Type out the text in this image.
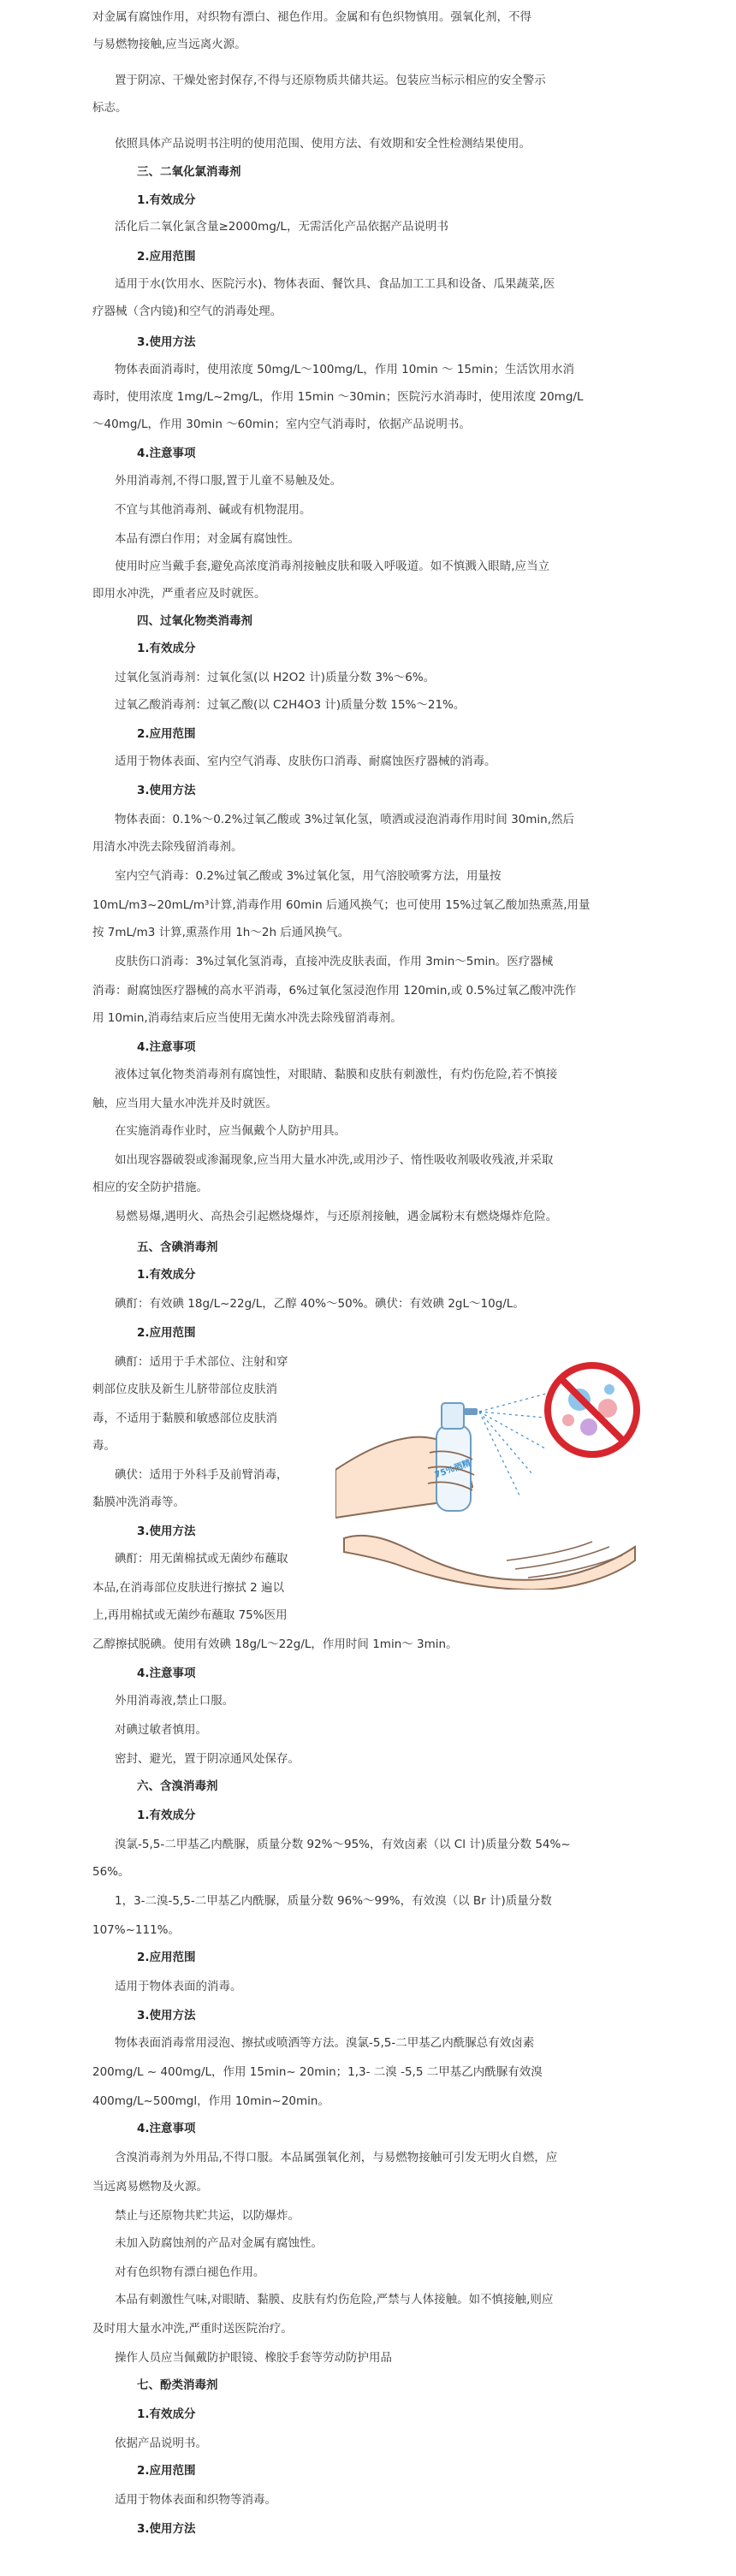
对金属有腐蚀作用，对织物有漂白、褪色作用。金属和有色织物慎用。强氧化剂，不得
与易燃物接触,应当远离火源。
置于阴凉、干燥处密封保存,不得与还原物质共储共运。包装应当标示相应的安全警示
标志。
依照具体产品说明书注明的使用范围、使用方法、有效期和安全性检测结果使用。
三、二氧化氯消毒剂
1.有效成分
活化后二氧化氯含量≥2000mg/L，无需活化产品依据产品说明书
2.应用范围
适用于水(饮用水、医院污水)、物体表面、餐饮具、食品加工工具和设备、瓜果蔬菜,医
疗器械（含内镜)和空气的消毒处理。
3.使用方法
物体表面消毒时，使用浓度 50mg/L～100mg/L，作用 10min ～ 15min；生活饮用水消
毒时，使用浓度 1mg/L~2mg/L，作用 15min ～30min；医院污水消毒时，使用浓度 20mg/L
～40mg/L，作用 30min ～60min；室内空气消毒时，依据产品说明书。
4.注意事项
外用消毒剂,不得口服,置于儿童不易触及处。
不宜与其他消毒剂、碱或有机物混用。
本品有漂白作用；对金属有腐蚀性。
使用时应当戴手套,避免高浓度消毒剂接触皮肤和吸入呼吸道。如不慎溅入眼睛,应当立
即用水冲洗，严重者应及时就医。
四、过氧化物类消毒剂
1.有效成分
过氧化氢消毒剂：过氧化氢(以 H2O2 计)质量分数 3%～6%。
过氧乙酸消毒剂：过氧乙酸(以 C2H4O3 计)质量分数 15%～21%。
2.应用范围
适用于物体表面、室内空气消毒、皮肤伤口消毒、耐腐蚀医疗器械的消毒。
3.使用方法
物体表面：0.1%～0.2%过氧乙酸或 3%过氧化氢，喷洒或浸泡消毒作用时间 30min,然后
用清水冲洗去除残留消毒剂。
室内空气消毒：0.2%过氧乙酸或 3%过氧化氢，用气溶胶喷雾方法，用量按
10mL/m3~20mL/m³计算,消毒作用 60min 后通风换气；也可使用 15%过氧乙酸加热熏蒸,用量
按 7mL/m3 计算,熏蒸作用 1h～2h 后通风换气。
皮肤伤口消毒：3%过氧化氢消毒，直接冲洗皮肤表面，作用 3min～5min。医疗器械
消毒：耐腐蚀医疗器械的高水平消毒，6%过氧化氢浸泡作用 120min,或 0.5%过氧乙酸冲洗作
用 10min,消毒结束后应当使用无菌水冲洗去除残留消毒剂。
4.注意事项
液体过氧化物类消毒剂有腐蚀性，对眼睛、黏膜和皮肤有刺激性，有灼伤危险,若不慎接
触，应当用大量水冲洗并及时就医。
在实施消毒作业时，应当佩戴个人防护用具。
如出现容器破裂或渗漏现象,应当用大量水冲洗,或用沙子、惰性吸收剂吸收残液,并采取
相应的安全防护措施。
易燃易爆,遇明火、高热会引起燃烧爆炸，与还原剂接触，遇金属粉末有燃烧爆炸危险。
五、含碘消毒剂
1.有效成分
碘酊：有效碘 18g/L~22g/L，乙醇 40%～50%。碘伏：有效碘 2gL～10g/L。
2.应用范围
碘酊：适用于手术部位、注射和穿
刺部位皮肤及新生儿脐带部位皮肤消
毒，不适用于黏膜和敏感部位皮肤消
毒。
碘伏：适用于外科手及前臂消毒，
黏膜冲洗消毒等。
3.使用方法
碘酊：用无菌棉拭或无菌纱布蘸取
本品,在消毒部位皮肤进行擦拭 2 遍以
上,再用棉拭或无菌纱布蘸取 75%医用
乙醇擦拭脱碘。使用有效碘 18g/L～22g/L，作用时间 1min～ 3min。
4.注意事项
外用消毒液,禁止口服。
对碘过敏者慎用。
密封、避光，置于阴凉通风处保存。
六、含溴消毒剂
1.有效成分
溴氯-5,5-二甲基乙内酰脲，质量分数 92%～95%，有效卤素（以 Cl 计)质量分数 54%~
56%。
1，3-二溴-5,5-二甲基乙内酰脲，质量分数 96%～99%，有效溴（以 Br 计)质量分数
107%~111%。
2.应用范围
适用于物体表面的消毒。
3.使用方法
物体表面消毒常用浸泡、擦拭或喷洒等方法。溴氯-5,5-二甲基乙内酰脲总有效卤素
200mg/L ~ 400mg/L，作用 15min~ 20min；1,3- 二溴 -5,5 二甲基乙内酰脲有效溴
400mg/L~500mgl，作用 10min~20min。
4.注意事项
含溴消毒剂为外用品,不得口服。本品属强氧化剂，与易燃物接触可引发无明火自燃，应
当远离易燃物及火源。
禁止与还原物共贮共运，以防爆炸。
未加入防腐蚀剂的产品对金属有腐蚀性。
对有色织物有漂白褪色作用。
本品有刺激性气味,对眼睛、黏膜、皮肤有灼伤危险,严禁与人体接触。如不慎接触,则应
及时用大量水冲洗,严重时送医院治疗。
操作人员应当佩戴防护眼镜、橡胶手套等劳动防护用品
七、酚类消毒剂
1.有效成分
依据产品说明书。
2.应用范围
适用于物体表面和织物等消毒。
3.使用方法
75%酒精
